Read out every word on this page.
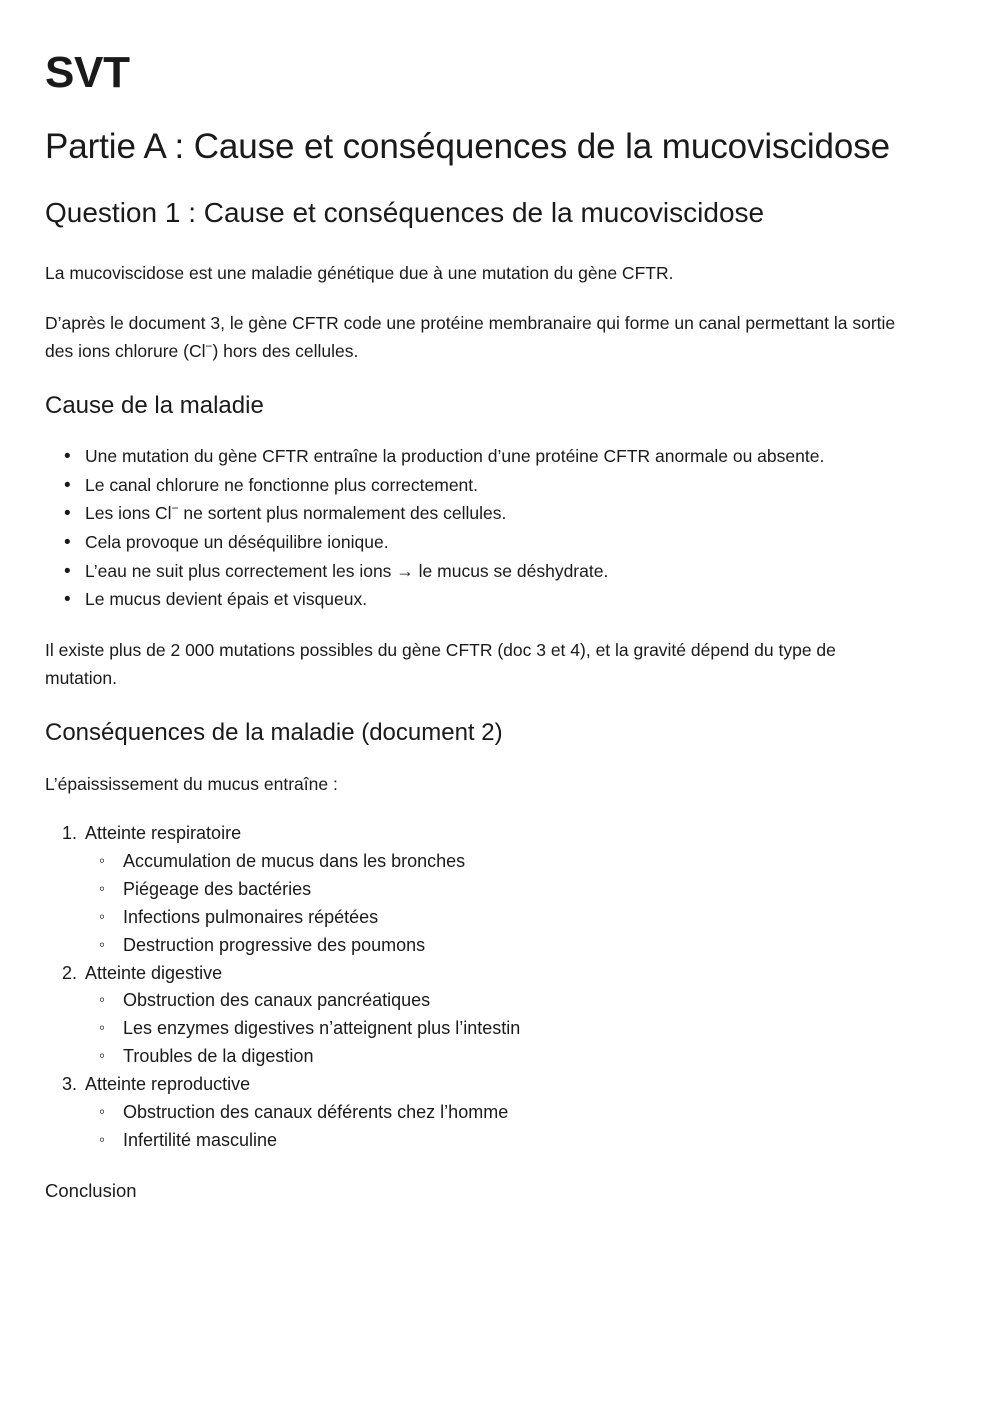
SVT
Partie A : Cause et conséquences de la mucoviscidose
Question 1 : Cause et conséquences de la mucoviscidose

La mucoviscidose est une maladie génétique due à une mutation du gène CFTR.

D’après le document 3, le gène CFTR code une protéine membranaire qui forme un canal permettant la sortie des ions chlorure (Cl−) hors des cellules.

Cause de la maladie
• Une mutation du gène CFTR entraîne la production d’une protéine CFTR anormale ou absente.
• Le canal chlorure ne fonctionne plus correctement.
• Les ions Cl− ne sortent plus normalement des cellules.
• Cela provoque un déséquilibre ionique.
• L’eau ne suit plus correctement les ions → le mucus se déshydrate.
• Le mucus devient épais et visqueux.

Il existe plus de 2 000 mutations possibles du gène CFTR (doc 3 et 4), et la gravité dépend du type de mutation.

Conséquences de la maladie (document 2)

L’épaississement du mucus entraîne :

Atteinte respiratoire
◦ Accumulation de mucus dans les bronches
◦ Piégeage des bactéries
◦ Infections pulmonaires répétées
◦ Destruction progressive des poumons
Atteinte digestive
◦ Obstruction des canaux pancréatiques
◦ Les enzymes digestives n’atteignent plus l’intestin
◦ Troubles de la digestion
Atteinte reproductive
◦ Obstruction des canaux déférents chez l’homme
◦ Infertilité masculine

Conclusion
